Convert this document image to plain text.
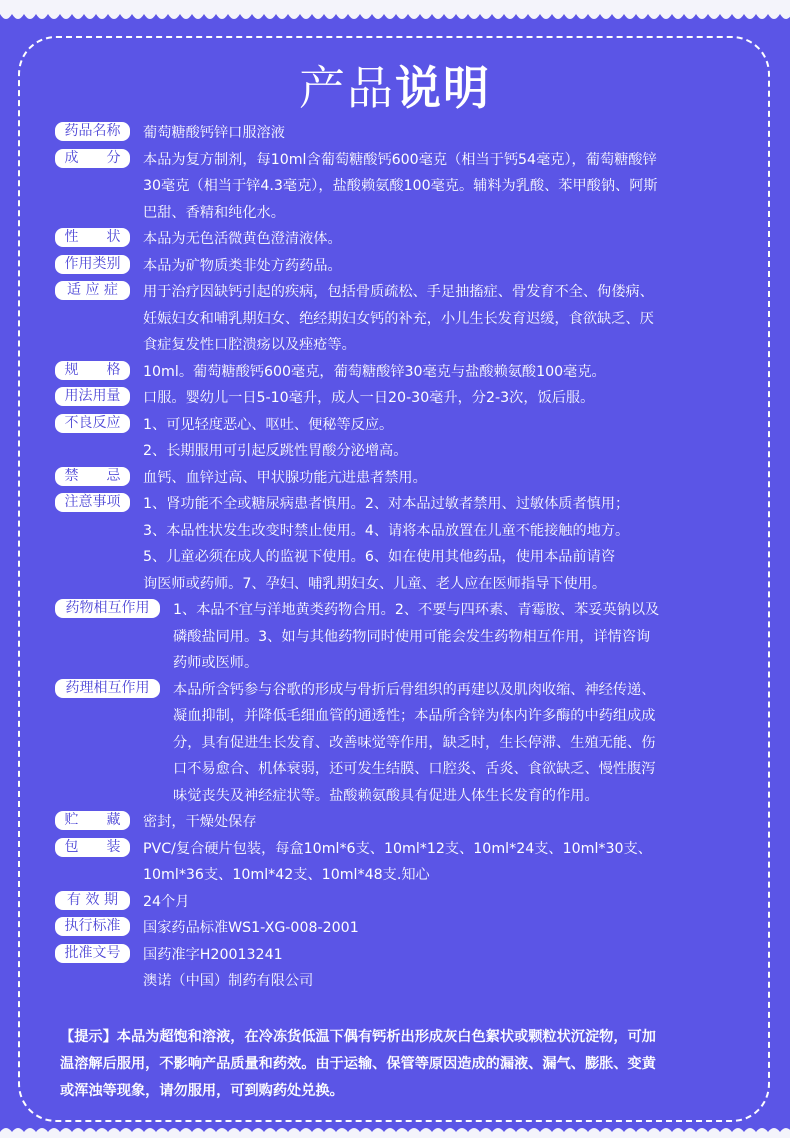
产品说明
药品名称	葡萄糖酸钙锌口服溶液
成　　分	本品为复方制剂，每10ml含葡萄糖酸钙600毫克（相当于钙54毫克），葡萄糖酸锌
30毫克（相当于锌4.3毫克），盐酸赖氨酸100毫克。辅料为乳酸、苯甲酸钠、阿斯
巴甜、香精和纯化水。
性　　状	本品为无色活微黄色澄清液体。
作用类别	本品为矿物质类非处方药药品。
适 应 症	用于治疗因缺钙引起的疾病，包括骨质疏松、手足抽搐症、骨发育不全、佝偻病、
妊娠妇女和哺乳期妇女、绝经期妇女钙的补充，小儿生长发育迟缓，食欲缺乏、厌
食症复发性口腔溃疡以及痤疮等。
规　　格	10ml。葡萄糖酸钙600毫克，葡萄糖酸锌30毫克与盐酸赖氨酸100毫克。
用法用量	口服。婴幼儿一日5-10毫升，成人一日20-30毫升，分2-3次，饭后服。
不良反应	1、可见轻度恶心、呕吐、便秘等反应。
2、长期服用可引起反跳性胃酸分泌增高。
禁　　忌	血钙、血锌过高、甲状腺功能亢进患者禁用。
注意事项	1、肾功能不全或糖尿病患者慎用。2、对本品过敏者禁用、过敏体质者慎用；
3、本品性状发生改变时禁止使用。4、请将本品放置在儿童不能接触的地方。
5、儿童必须在成人的监视下使用。6、如在使用其他药品，使用本品前请咨
询医师或药师。7、孕妇、哺乳期妇女、儿童、老人应在医师指导下使用。
药物相互作用	1、本品不宜与洋地黄类药物合用。2、不要与四环素、青霉胺、苯妥英钠以及
磷酸盐同用。3、如与其他药物同时使用可能会发生药物相互作用，详情咨询
药师或医师。
药理相互作用	本品所含钙参与谷歌的形成与骨折后骨组织的再建以及肌肉收缩、神经传递、
凝血抑制，并降低毛细血管的通透性；本品所含锌为体内许多酶的中药组成成
分，具有促进生长发育、改善味觉等作用，缺乏时，生长停滞、生殖无能、伤
口不易愈合、机体衰弱，还可发生结膜、口腔炎、舌炎、食欲缺乏、慢性腹泻
味觉丧失及神经症状等。盐酸赖氨酸具有促进人体生长发育的作用。
贮　　藏	密封，干燥处保存
包　　装	PVC/复合硬片包装，每盒10ml*6支、10ml*12支、10ml*24支、10ml*30支、
10ml*36支、10ml*42支、10ml*48支.知心
有 效 期	24个月
执行标准	国家药品标准WS1-XG-008-2001
批准文号	国药准字H20013241
澳诺（中国）制药有限公司
【提示】本品为超饱和溶液，在冷冻货低温下偶有钙析出形成灰白色絮状或颗粒状沉淀物，可加
温溶解后服用，不影响产品质量和药效。由于运输、保管等原因造成的漏液、漏气、膨胀、变黄
或浑浊等现象，请勿服用，可到购药处兑换。
